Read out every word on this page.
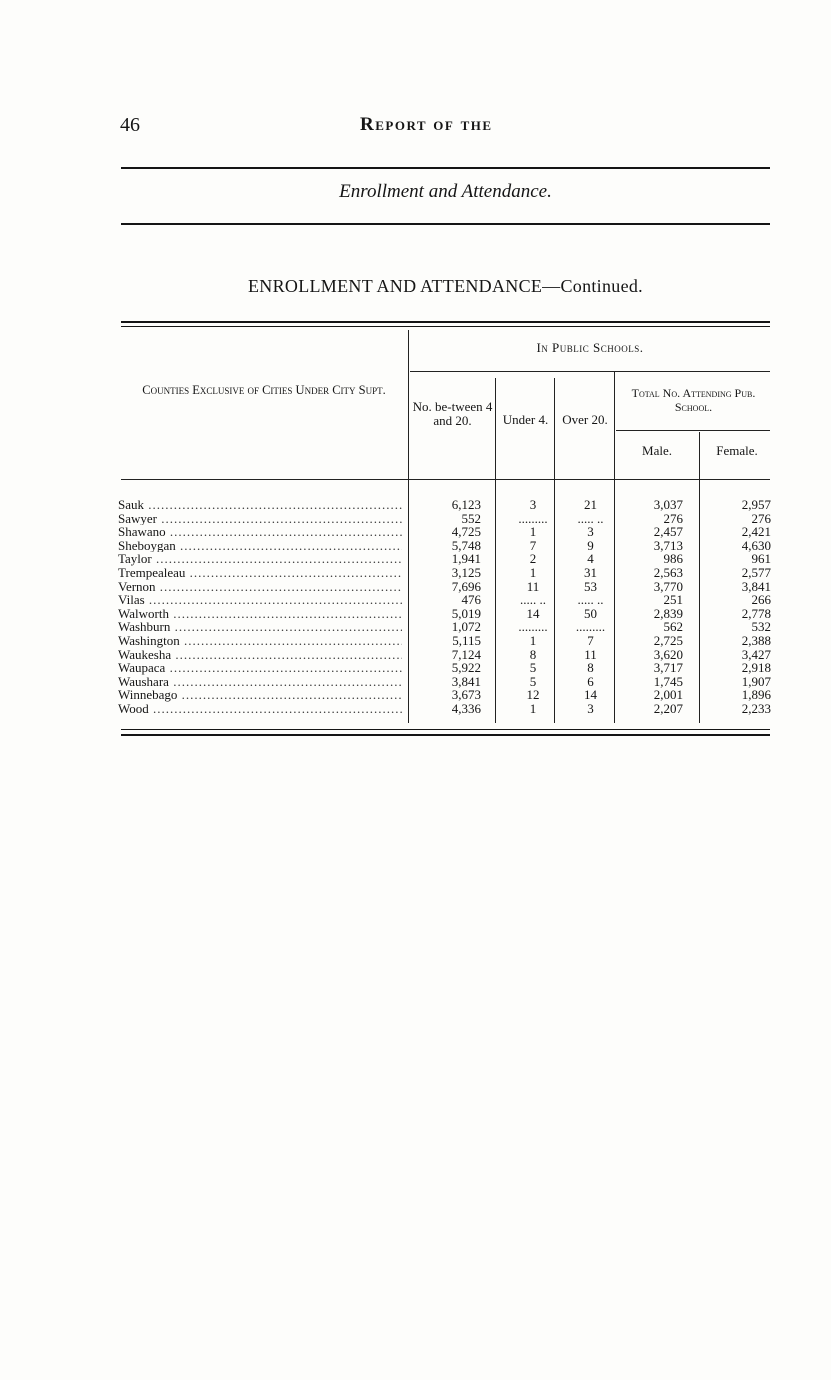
46	Report of the
Enrollment and Attendance.
ENROLLMENT AND ATTENDANCE—Continued.
Counties Exclusive of Cities Under City Supt.
In Public Schools.
No. be-tween 4 and 20.	Under 4.	Over 20.
Total No. Attending Pub. School.
Male.	Female.
Sauk .....	6,123	3	21	3,037	2,957
Sawyer .....	552	.........	..... ..	276	276
Shawano .....	4,725	1	3	2,457	2,421
Sheboygan .....	5,748	7	9	3,713	4,630
Taylor .....	1,941	2	4	986	961
Trempealeau .....	3,125	1	31	2,563	2,577
Vernon .....	7,696	11	53	3,770	3,841
Vilas .....	476	..... ..	..... ..	251	266
Walworth .....	5,019	14	50	2,839	2,778
Washburn .....	1,072	.........	.........	562	532
Washington .....	5,115	1	7	2,725	2,388
Waukesha .....	7,124	8	11	3,620	3,427
Waupaca .....	5,922	5	8	3,717	2,918
Waushara .....	3,841	5	6	1,745	1,907
Winnebago .....	3,673	12	14	2,001	1,896
Wood .....	4,336	1	3	2,207	2,233
